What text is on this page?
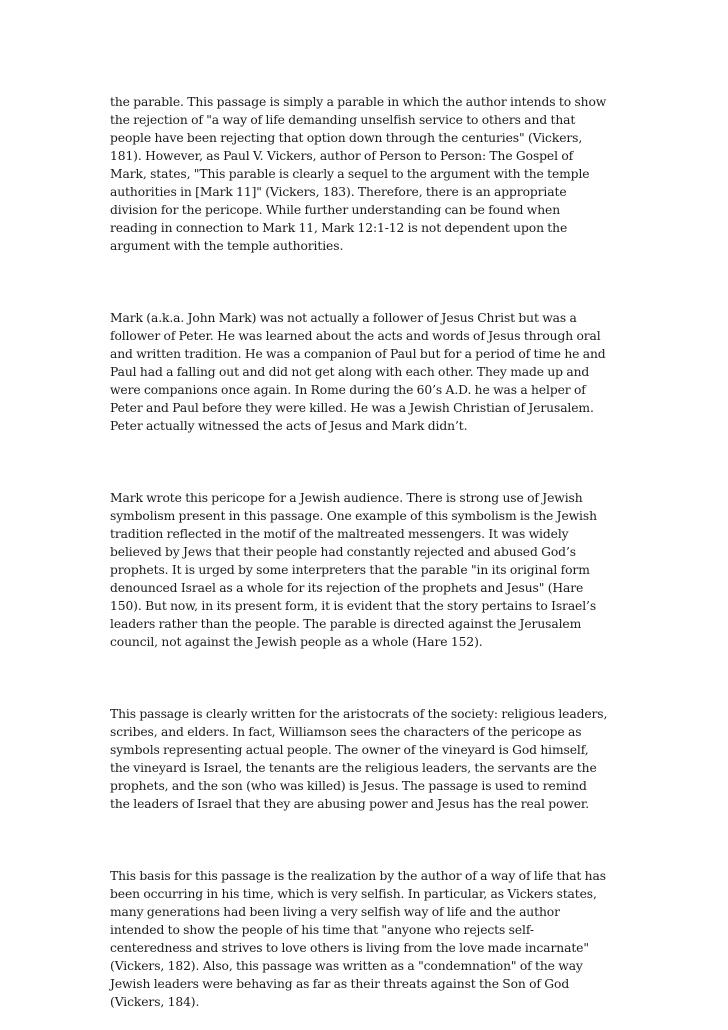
the parable. This passage is simply a parable in which the author intends to show
the rejection of "a way of life demanding unselfish service to others and that
people have been rejecting that option down through the centuries" (Vickers,
181). However, as Paul V. Vickers, author of Person to Person: The Gospel of
Mark, states, "This parable is clearly a sequel to the argument with the temple
authorities in [Mark 11]" (Vickers, 183). Therefore, there is an appropriate
division for the pericope. While further understanding can be found when
reading in connection to Mark 11, Mark 12:1-12 is not dependent upon the
argument with the temple authorities.

Mark (a.k.a. John Mark) was not actually a follower of Jesus Christ but was a
follower of Peter. He was learned about the acts and words of Jesus through oral
and written tradition. He was a companion of Paul but for a period of time he and
Paul had a falling out and did not get along with each other. They made up and
were companions once again. In Rome during the 60’s A.D. he was a helper of
Peter and Paul before they were killed. He was a Jewish Christian of Jerusalem.
Peter actually witnessed the acts of Jesus and Mark didn’t.

Mark wrote this pericope for a Jewish audience. There is strong use of Jewish
symbolism present in this passage. One example of this symbolism is the Jewish
tradition reflected in the motif of the maltreated messengers. It was widely
believed by Jews that their people had constantly rejected and abused God’s
prophets. It is urged by some interpreters that the parable "in its original form
denounced Israel as a whole for its rejection of the prophets and Jesus" (Hare
150). But now, in its present form, it is evident that the story pertains to Israel’s
leaders rather than the people. The parable is directed against the Jerusalem
council, not against the Jewish people as a whole (Hare 152).

This passage is clearly written for the aristocrats of the society: religious leaders,
scribes, and elders. In fact, Williamson sees the characters of the pericope as
symbols representing actual people. The owner of the vineyard is God himself,
the vineyard is Israel, the tenants are the religious leaders, the servants are the
prophets, and the son (who was killed) is Jesus. The passage is used to remind
the leaders of Israel that they are abusing power and Jesus has the real power.

This basis for this passage is the realization by the author of a way of life that has
been occurring in his time, which is very selfish. In particular, as Vickers states,
many generations had been living a very selfish way of life and the author
intended to show the people of his time that "anyone who rejects self-
centeredness and strives to love others is living from the love made incarnate"
(Vickers, 182). Also, this passage was written as a "condemnation" of the way
Jewish leaders were behaving as far as their threats against the Son of God
(Vickers, 184).
